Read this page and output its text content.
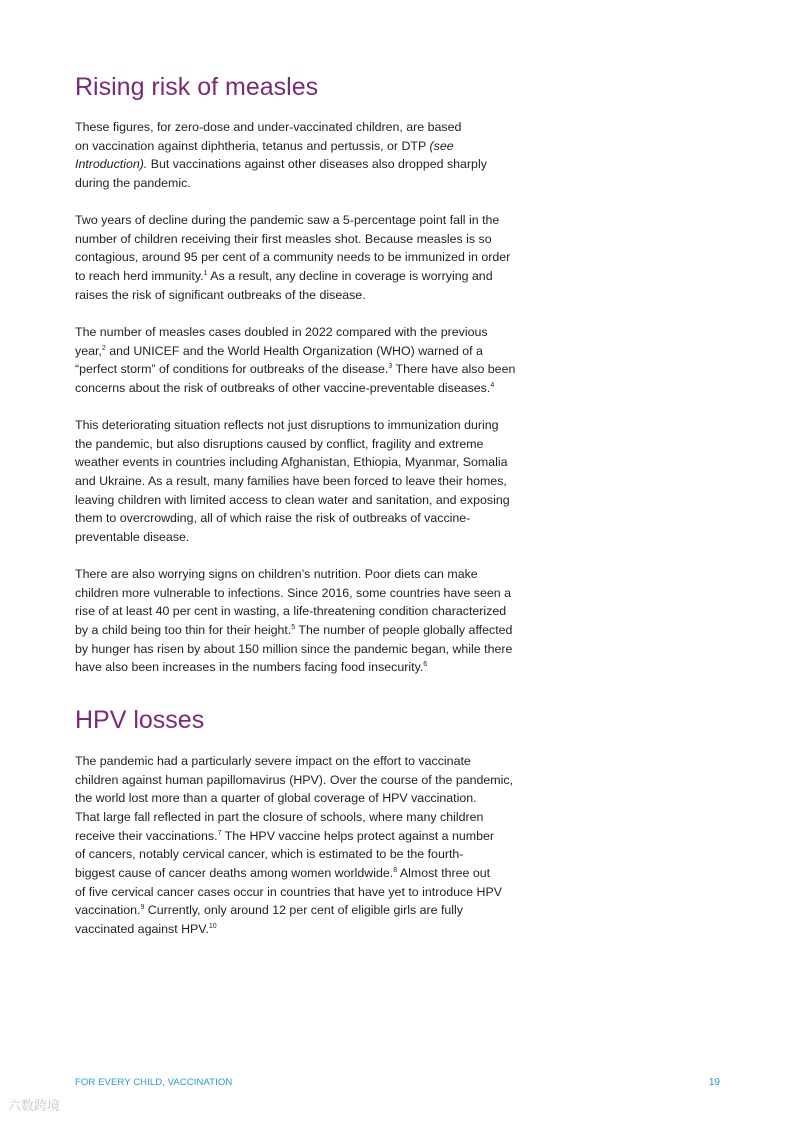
Rising risk of measles
These figures, for zero-dose and under-vaccinated children, are based
on vaccination against diphtheria, tetanus and pertussis, or DTP (see
Introduction). But vaccinations against other diseases also dropped sharply
during the pandemic.
Two years of decline during the pandemic saw a 5-percentage point fall in the
number of children receiving their first measles shot. Because measles is so
contagious, around 95 per cent of a community needs to be immunized in order
to reach herd immunity.$^1$ As a result, any decline in coverage is worrying and
raises the risk of significant outbreaks of the disease.
The number of measles cases doubled in 2022 compared with the previous
year,$^2$ and UNICEF and the World Health Organization (WHO) warned of a
“perfect storm” of conditions for outbreaks of the disease.$^3$ There have also been
concerns about the risk of outbreaks of other vaccine-preventable diseases.$^4$
This deteriorating situation reflects not just disruptions to immunization during
the pandemic, but also disruptions caused by conflict, fragility and extreme
weather events in countries including Afghanistan, Ethiopia, Myanmar, Somalia
and Ukraine. As a result, many families have been forced to leave their homes,
leaving children with limited access to clean water and sanitation, and exposing
them to overcrowding, all of which raise the risk of outbreaks of vaccine-
preventable disease.
There are also worrying signs on children’s nutrition. Poor diets can make
children more vulnerable to infections. Since 2016, some countries have seen a
rise of at least 40 per cent in wasting, a life-threatening condition characterized
by a child being too thin for their height.$^5$ The number of people globally affected
by hunger has risen by about 150 million since the pandemic began, while there
have also been increases in the numbers facing food insecurity.$^6$
HPV losses
The pandemic had a particularly severe impact on the effort to vaccinate
children against human papillomavirus (HPV). Over the course of the pandemic,
the world lost more than a quarter of global coverage of HPV vaccination.
That large fall reflected in part the closure of schools, where many children
receive their vaccinations.$^7$ The HPV vaccine helps protect against a number
of cancers, notably cervical cancer, which is estimated to be the fourth-
biggest cause of cancer deaths among women worldwide.$^8$ Almost three out
of five cervical cancer cases occur in countries that have yet to introduce HPV
vaccination.$^9$ Currently, only around 12 per cent of eligible girls are fully
vaccinated against HPV.$^{10}$
FOR EVERY CHILD, VACCINATION	19
六数跨境
